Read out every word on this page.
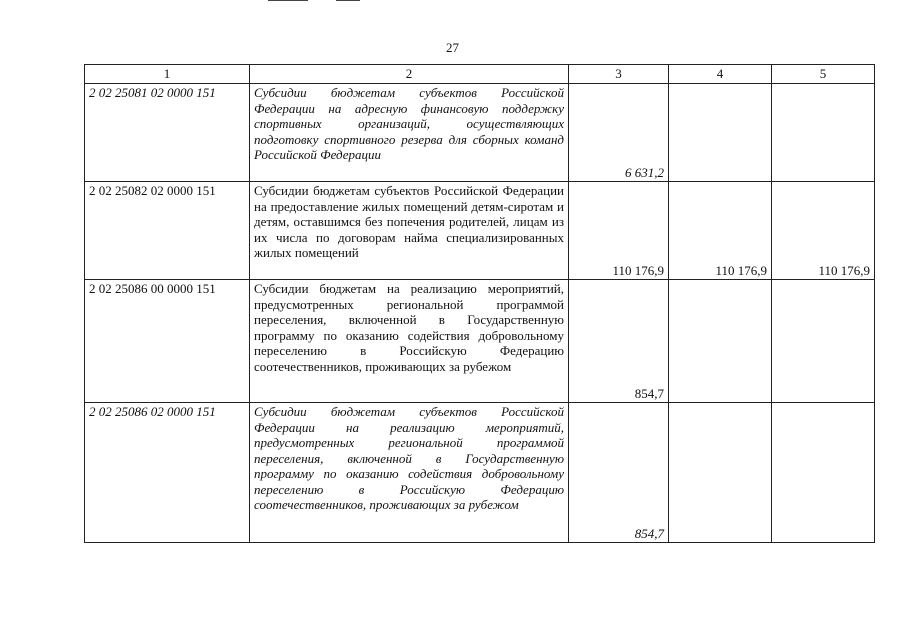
27
1	2	3	4	5
2 02 25081 02 0000 151	Субсидии бюджетам субъектов Российской Федерации на адресную финансовую поддержку спортивных организаций, осуществляющих подготовку спортивного резерва для сборных команд Российской Федерации	6 631,2		
2 02 25082 02 0000 151	Субсидии бюджетам субъектов Российской Федерации на предоставление жилых помещений детям-сиротам и детям, оставшимся без попечения родителей, лицам из их числа по договорам найма специализированных жилых помещений	110 176,9	110 176,9	110 176,9
2 02 25086 00 0000 151	Субсидии бюджетам на реализацию мероприятий, предусмотренных региональной программой переселения, включенной в Государственную программу по оказанию содействия добровольному переселению в Российскую Федерацию соотечественников, проживающих за рубежом	854,7		
2 02 25086 02 0000 151	Субсидии бюджетам субъектов Российской Федерации на реализацию мероприятий, предусмотренных региональной программой переселения, включенной в Государственную программу по оказанию содействия добровольному переселению в Российскую Федерацию соотечественников, проживающих за рубежом	854,7		
